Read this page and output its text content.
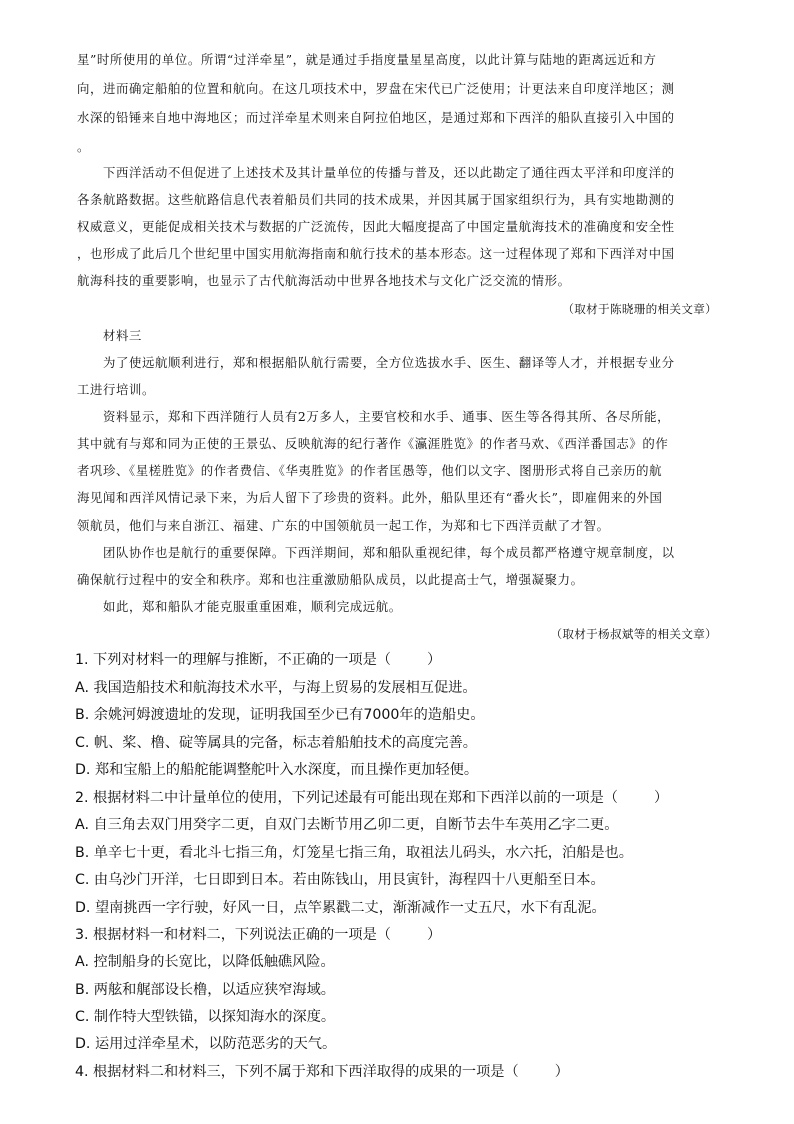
星”时所使用的单位。所谓“过洋牵星”，就是通过手指度量星星高度，以此计算与陆地的距离远近和方
向，进而确定船舶的位置和航向。在这几项技术中，罗盘在宋代已广泛使用；计更法来自印度洋地区；测
水深的铅锤来自地中海地区；而过洋牵星术则来自阿拉伯地区，是通过郑和下西洋的船队直接引入中国的
。
下西洋活动不但促进了上述技术及其计量单位的传播与普及，还以此勘定了通往西太平洋和印度洋的
各条航路数据。这些航路信息代表着船员们共同的技术成果，并因其属于国家组织行为，具有实地勘测的
权威意义，更能促成相关技术与数据的广泛流传，因此大幅度提高了中国定量航海技术的准确度和安全性
，也形成了此后几个世纪里中国实用航海指南和航行技术的基本形态。这一过程体现了郑和下西洋对中国
航海科技的重要影响，也显示了古代航海活动中世界各地技术与文化广泛交流的情形。
（取材于陈晓珊的相关文章）
材料三
为了使远航顺利进行，郑和根据船队航行需要，全方位选拔水手、医生、翻译等人才，并根据专业分
工进行培训。
资料显示，郑和下西洋随行人员有2万多人，主要官校和水手、通事、医生等各得其所、各尽所能，
其中就有与郑和同为正使的王景弘、反映航海的纪行著作《瀛涯胜览》的作者马欢、《西洋番国志》的作
者巩珍、《星槎胜览》的作者费信、《华夷胜览》的作者匡愚等，他们以文字、图册形式将自己亲历的航
海见闻和西洋风情记录下来，为后人留下了珍贵的资料。此外，船队里还有“番火长”，即雇佣来的外国
领航员，他们与来自浙江、福建、广东的中国领航员一起工作，为郑和七下西洋贡献了才智。
团队协作也是航行的重要保障。下西洋期间，郑和船队重视纪律，每个成员都严格遵守规章制度，以
确保航行过程中的安全和秩序。郑和也注重激励船队成员，以此提高士气，增强凝聚力。
如此，郑和船队才能克服重重困难，顺利完成远航。
（取材于杨叔斌等的相关文章）
1. 下列对材料一的理解与推断，不正确的一项是（	）
A. 我国造船技术和航海技术水平，与海上贸易的发展相互促进。
B. 余姚河姆渡遗址的发现，证明我国至少已有7000年的造船史。
C. 帆、桨、橹、碇等属具的完备，标志着船舶技术的高度完善。
D. 郑和宝船上的船舵能调整舵叶入水深度，而且操作更加轻便。
2. 根据材料二中计量单位的使用，下列记述最有可能出现在郑和下西洋以前的一项是（	）
A. 自三角去双门用癸字二更，自双门去断节用乙卯二更，自断节去牛车英用乙字二更。
B. 单辛七十更，看北斗七指三角，灯笼星七指三角，取祖法儿码头，水六托，泊船是也。
C. 由乌沙门开洋，七日即到日本。若由陈钱山，用艮寅针，海程四十八更船至日本。
D. 望南挑西一字行驶，好风一日，点竿累戳二丈，渐渐减作一丈五尺，水下有乱泥。
3. 根据材料一和材料二，下列说法正确的一项是（	）
A. 控制船身的长宽比，以降低触礁风险。
B. 两舷和艉部设长橹，以适应狭窄海域。
C. 制作特大型铁锚，以探知海水的深度。
D. 运用过洋牵星术，以防范恶劣的天气。
4. 根据材料二和材料三，下列不属于郑和下西洋取得的成果的一项是（	）
